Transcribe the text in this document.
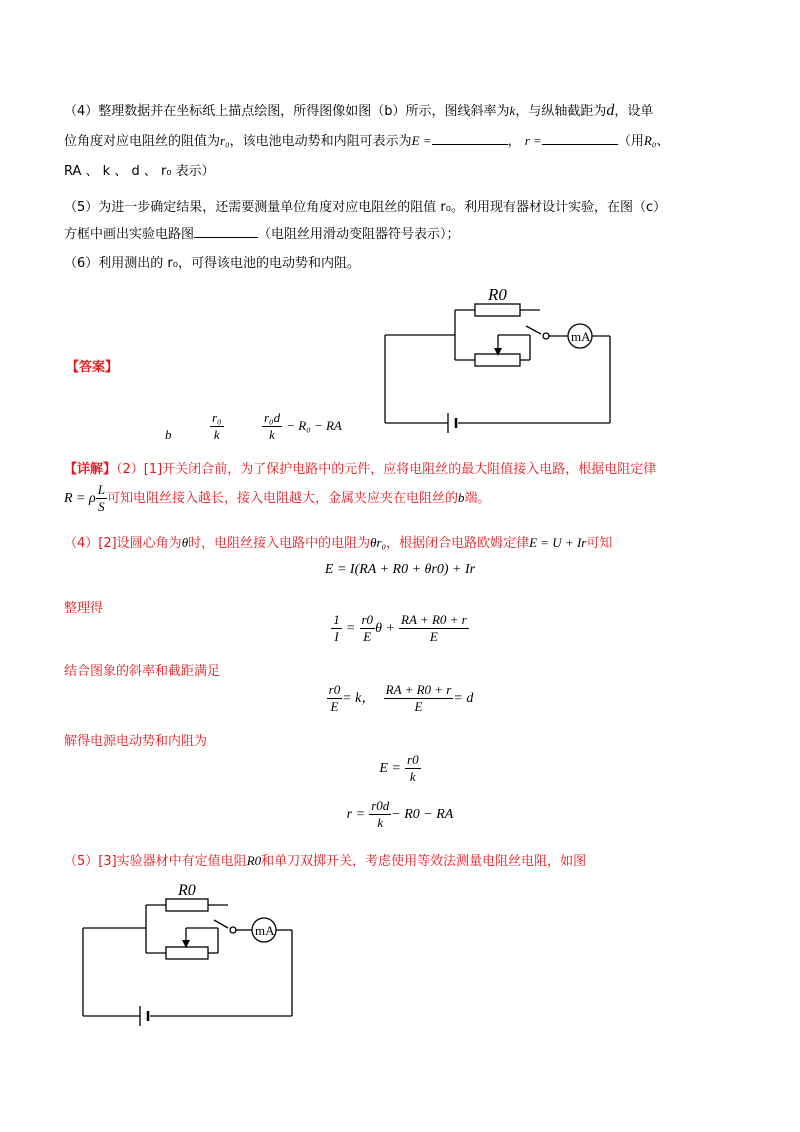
（4）整理数据并在坐标纸上描点绘图，所得图像如图（b）所示，图线斜率为k，与纵轴截距为d，设单
位角度对应电阻丝的阻值为r₀，该电池电动势和内阻可表示为E =	， r =	（用R₀、
RA 、 k 、 d 、 r₀ 表示）
（5）为进一步确定结果，还需要测量单位角度对应电阻丝的阻值 r₀。利用现有器材设计实验，在图（c）
方框中画出实验电路图	（电阻丝用滑动变阻器符号表示）；
（6）利用测出的 r₀，可得该电池的电动势和内阻。
【答案】
b	$\frac{\text{r₀}}{k}$	$\frac{\text{r₀d}}{k} - R_0$ − RA
R0
mA
【详解】（2）[1]开关闭合前，为了保护电路中的元件，应将电阻丝的最大阻值接入电路，根据电阻定律
R = ρ $\frac{L}{S}$ 可知电阻丝接入越长，接入电阻越大，金属夹应夹在电阻丝的b端。
（4）[2]设圆心角为θ时，电阻丝接入电路中的电阻为θr₀，根据闭合电路欧姆定律E = U + Ir可知
E = I(RA + R0 + θr0) + Ir
整理得
$\frac{1}{I} = \frac{r0}{E}$ $\theta + \frac{RA + R0 + r}{E}$
结合图象的斜率和截距满足
$\frac{r0}{E} = k$， $\frac{RA + R0 + r}{E} = d$
解得电源电动势和内阻为
$E = \frac{r0}{k}$
$r = \frac{r0d}{k} - R0$ − RA
（5）[3]实验器材中有定值电阻R0和单刀双掷开关，考虑使用等效法测量电阻丝电阻，如图
R0
mA
